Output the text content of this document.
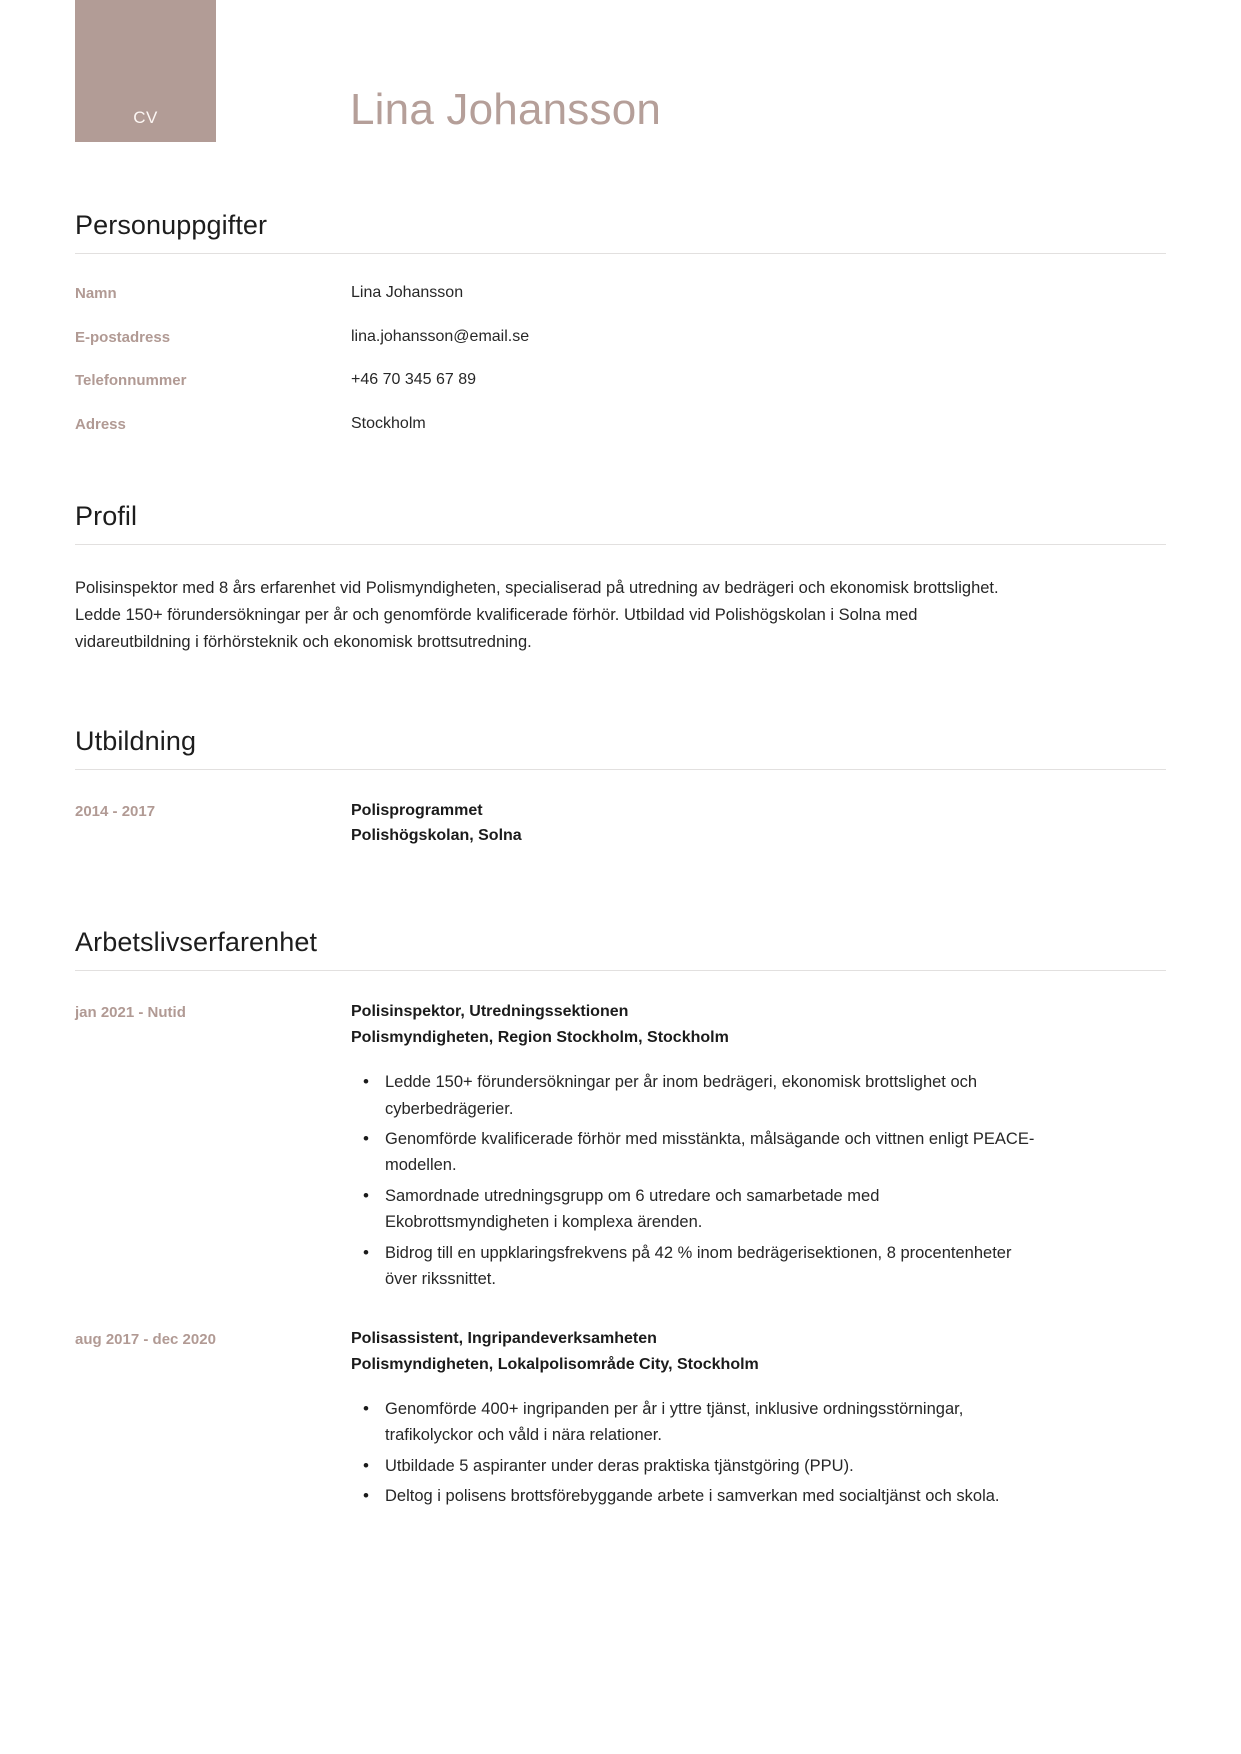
CV	Lina Johansson
Personuppgifter
Namn	Lina Johansson
E-postadress	lina.johansson@email.se
Telefonnummer	+46 70 345 67 89
Adress	Stockholm
Profil

Polisinspektor med 8 års erfarenhet vid Polismyndigheten, specialiserad på utredning av bedrägeri och ekonomisk brottslighet. Ledde 150+ förundersökningar per år och genomförde kvalificerade förhör. Utbildad vid Polishögskolan i Solna med vidareutbildning i förhörsteknik och ekonomisk brottsutredning.

Utbildning
2014 - 2017	Polisprogrammet
Polishögskolan, Solna
Arbetslivserfarenhet
jan 2021 - Nutid	Polisinspektor, Utredningssektionen
Polismyndigheten, Region Stockholm, Stockholm
• Ledde 150+ förundersökningar per år inom bedrägeri, ekonomisk brottslighet och cyberbedrägerier.
• Genomförde kvalificerade förhör med misstänkta, målsägande och vittnen enligt PEACE-modellen.
• Samordnade utredningsgrupp om 6 utredare och samarbetade med Ekobrottsmyndigheten i komplexa ärenden.
• Bidrog till en uppklaringsfrekvens på 42 % inom bedrägerisektionen, 8 procentenheter över rikssnittet.
aug 2017 - dec 2020	Polisassistent, Ingripandeverksamheten
Polismyndigheten, Lokalpolisområde City, Stockholm
• Genomförde 400+ ingripanden per år i yttre tjänst, inklusive ordningsstörningar, trafikolyckor och våld i nära relationer.
• Utbildade 5 aspiranter under deras praktiska tjänstgöring (PPU).
• Deltog i polisens brottsförebyggande arbete i samverkan med socialtjänst och skola.
